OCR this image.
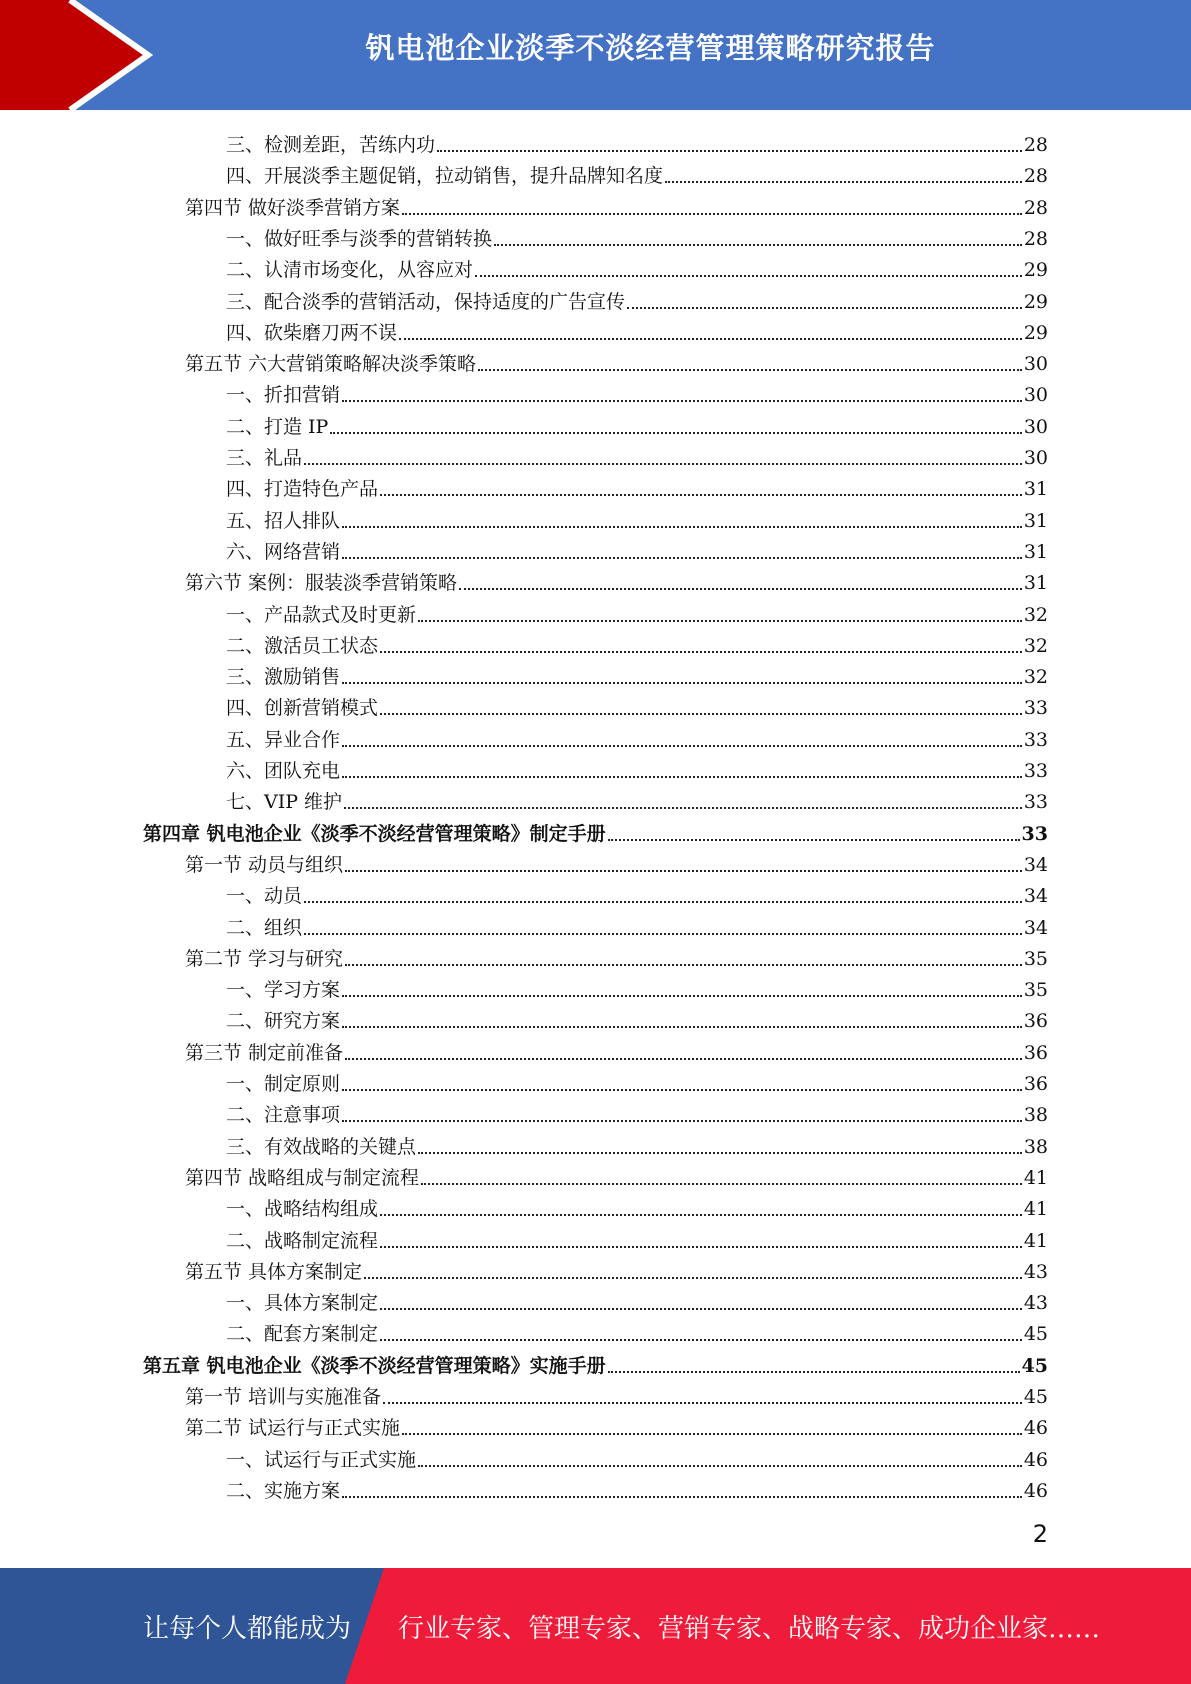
钒电池企业淡季不淡经营管理策略研究报告
三、检测差距，苦练内功	28
四、开展淡季主题促销，拉动销售，提升品牌知名度	28
第四节 做好淡季营销方案	28
一、做好旺季与淡季的营销转换	28
二、认清市场变化，从容应对	29
三、配合淡季的营销活动，保持适度的广告宣传	29
四、砍柴磨刀两不误	29
第五节 六大营销策略解决淡季策略	30
一、折扣营销	30
二、打造 IP	30
三、礼品	30
四、打造特色产品	31
五、招人排队	31
六、网络营销	31
第六节 案例：服装淡季营销策略	31
一、产品款式及时更新	32
二、激活员工状态	32
三、激励销售	32
四、创新营销模式	33
五、异业合作	33
六、团队充电	33
七、VIP 维护	33
第四章 钒电池企业《淡季不淡经营管理策略》制定手册	33
第一节 动员与组织	34
一、动员	34
二、组织	34
第二节 学习与研究	35
一、学习方案	35
二、研究方案	36
第三节 制定前准备	36
一、制定原则	36
二、注意事项	38
三、有效战略的关键点	38
第四节 战略组成与制定流程	41
一、战略结构组成	41
二、战略制定流程	41
第五节 具体方案制定	43
一、具体方案制定	43
二、配套方案制定	45
第五章 钒电池企业《淡季不淡经营管理策略》实施手册	45
第一节 培训与实施准备	45
第二节 试运行与正式实施	46
一、试运行与正式实施	46
二、实施方案	46
2
让每个人都能成为 行业专家、管理专家、营销专家、战略专家、成功企业家……
